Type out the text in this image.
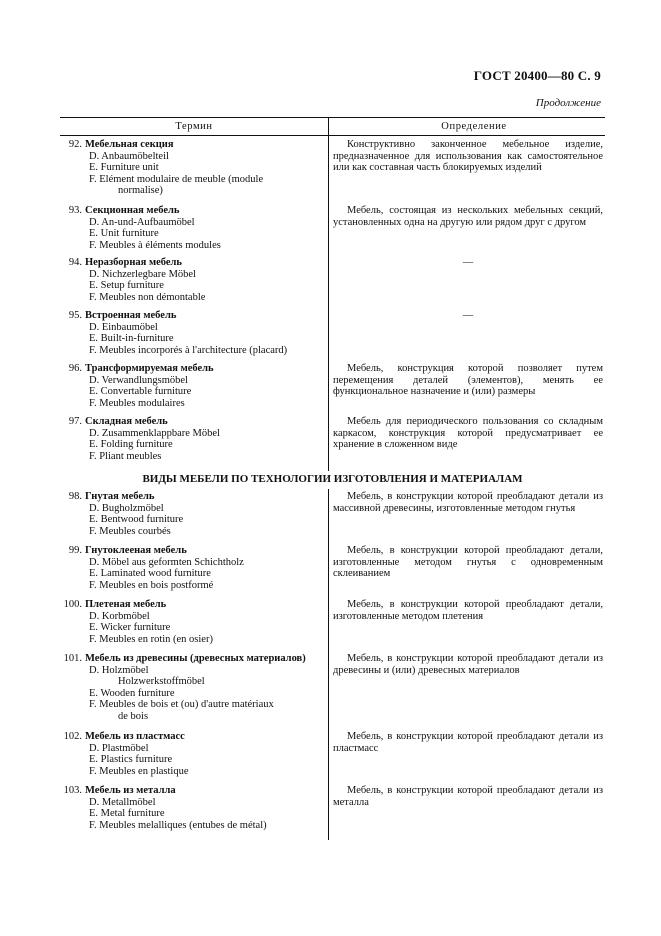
ГОСТ 20400—80 С. 9
Продолжение
Термин	Определение
ВИДЫ МЕБЕЛИ ПО ТЕХНОЛОГИИ ИЗГОТОВЛЕНИЯ И МАТЕРИАЛАМ
92. Мебельная секция
D. Anbaumöbelteil
E. Furniture unit
F. Elément modulaire de meuble (module
normalise)
Конструктивно законченное мебельное изделие, предназначенное для использования как самостоятельное или как составная часть блокируемых изделий
93. Секционная мебель
D. An-und-Aufbaumöbel
E. Unit furniture
F. Meubles à éléments modules
Мебель, состоящая из нескольких мебельных секций, установленных одна на другую или рядом друг с другом
94. Неразборная мебель
D. Nichzerlegbare Möbel
E. Setup furniture
F. Meubles non démontable
—
95. Встроенная мебель
D. Einbaumöbel
E. Built-in-furniture
F. Meubles incorporés à l'architecture (placard)
—
96. Трансформируемая мебель
D. Verwandlungsmöbel
E. Convertable furniture
F. Meubles modulaires
Мебель, конструкция которой позволяет путем перемещения деталей (элементов), менять ее функциональное назначение и (или) размеры
97. Складная мебель
D. Zusammenklappbare Möbel
E. Folding furniture
F. Pliant meubles
Мебель для периодического пользования со складным каркасом, конструкция которой предусматривает ее хранение в сложенном виде
98. Гнутая мебель
D. Bugholzmöbel
E. Bentwood furniture
F. Meubles courbés
Мебель, в конструкции которой преобладают детали из массивной древесины, изготовленные методом гнутья
99. Гнутоклееная мебель
D. Möbel aus geformten Schichtholz
E. Laminated wood furniture
F. Meubles en bois postformé
Мебель, в конструкции которой преобладают детали, изготовленные методом гнутья с одновременным склеиванием
100. Плетеная мебель
D. Korbmöbel
E. Wicker furniture
F. Meubles en rotin (en osier)
Мебель, в конструкции которой преобладают детали, изготовленные методом плетения
101. Мебель из древесины (древесных материалов)
D. Holzmöbel
Holzwerkstoffmöbel
E. Wooden furniture
F. Meubles de bois et (ou) d'autre matériaux
de bois
Мебель, в конструкции которой преобладают детали из древесины и (или) древесных материалов
102. Мебель из пластмасс
D. Plastmöbel
E. Plastics furniture
F. Meubles en plastique
Мебель, в конструкции которой преобладают детали из пластмасс
103. Мебель из металла
D. Metallmöbel
E. Metal furniture
F. Meubles melalliques (entubes de métal)
Мебель, в конструкции которой преобладают детали из металла
